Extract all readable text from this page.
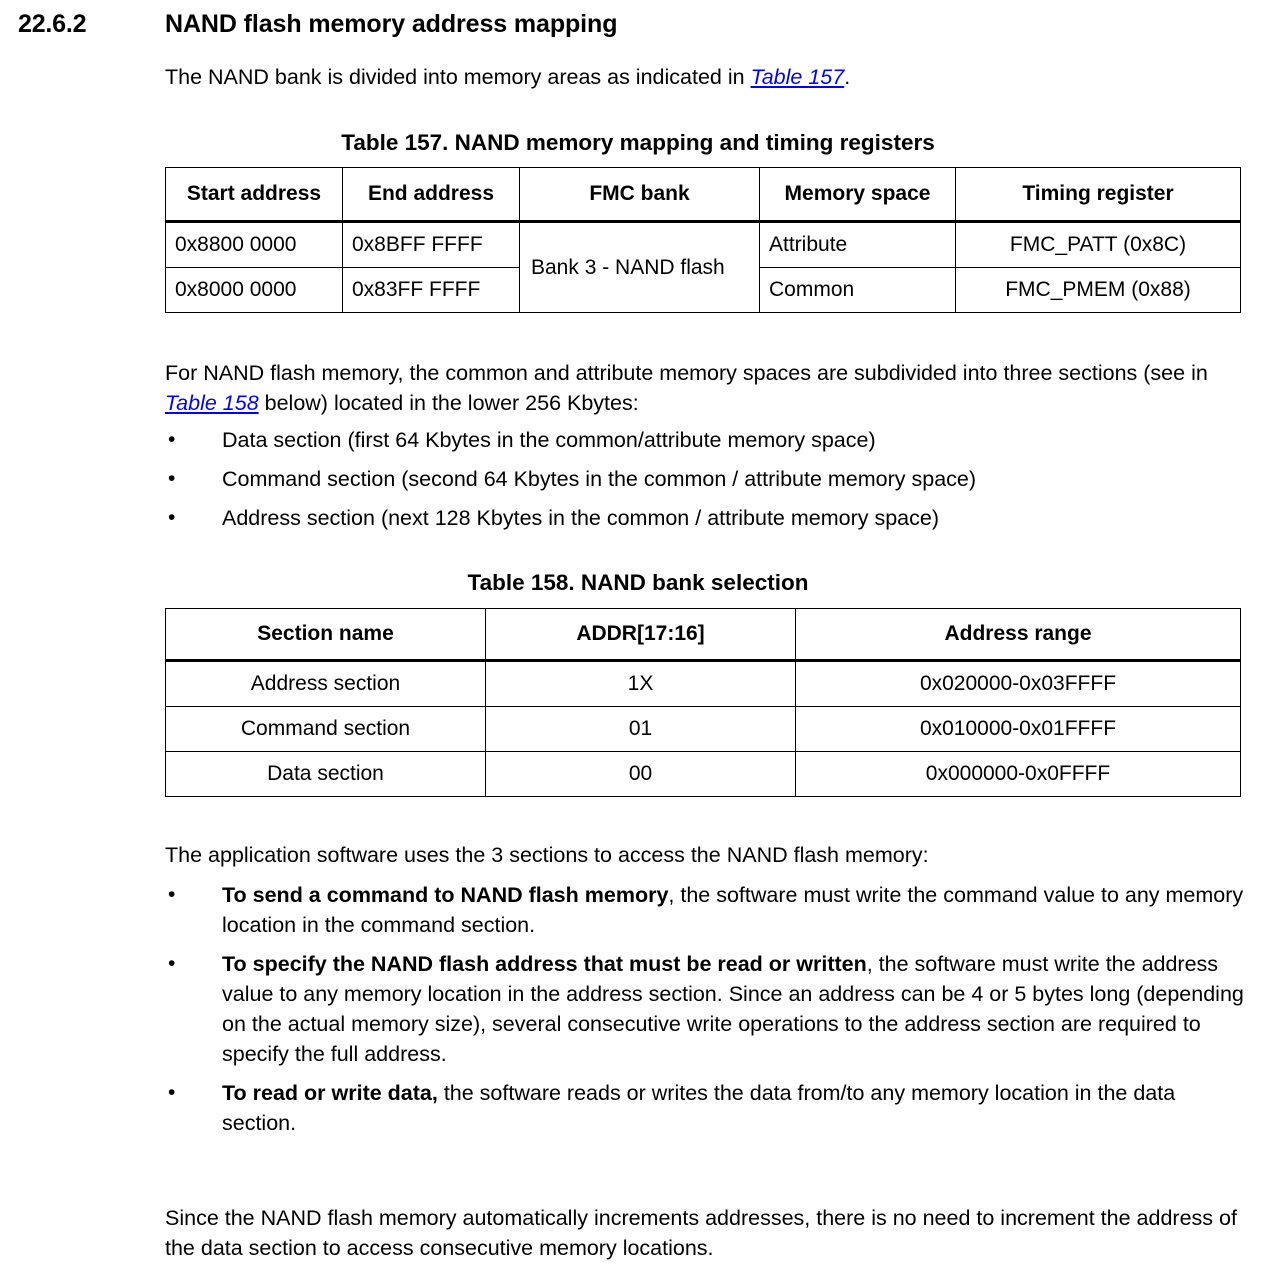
22.6.2	NAND flash memory address mapping
The NAND bank is divided into memory areas as indicated in Table 157.
Table 157. NAND memory mapping and timing registers
Start address	End address	FMC bank	Memory space	Timing register
0x8800 0000	0x8BFF FFFF	Bank 3 - NAND flash	Attribute	FMC_PATT (0x8C)
0x8000 0000	0x83FF FFFF		Common	FMC_PMEM (0x88)
For NAND flash memory, the common and attribute memory spaces are subdivided into three sections (see in Table 158 below) located in the lower 256 Kbytes:
• Data section (first 64 Kbytes in the common/attribute memory space)
• Command section (second 64 Kbytes in the common / attribute memory space)
• Address section (next 128 Kbytes in the common / attribute memory space)
Table 158. NAND bank selection
Section name	ADDR[17:16]	Address range
Address section	1X	0x020000-0x03FFFF
Command section	01	0x010000-0x01FFFF
Data section	00	0x000000-0x0FFFF
The application software uses the 3 sections to access the NAND flash memory:
• To send a command to NAND flash memory, the software must write the command value to any memory location in the command section.
• To specify the NAND flash address that must be read or written, the software must write the address value to any memory location in the address section. Since an address can be 4 or 5 bytes long (depending on the actual memory size), several consecutive write operations to the address section are required to specify the full address.
• To read or write data, the software reads or writes the data from/to any memory location in the data section.
Since the NAND flash memory automatically increments addresses, there is no need to increment the address of the data section to access consecutive memory locations.
